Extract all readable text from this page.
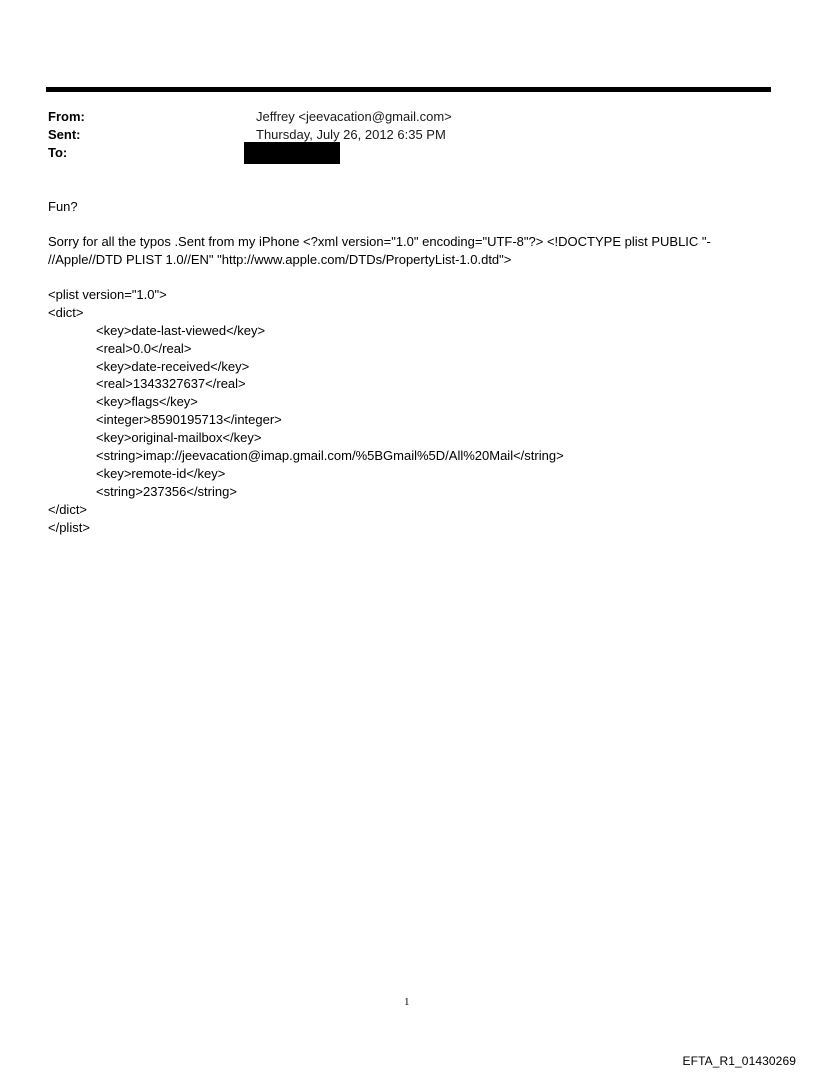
From:	Jeffrey <jeevacation@gmail.com>
Sent:	Thursday, July 26, 2012 6:35 PM
To:
Fun?
Sorry for all the typos .Sent from my iPhone <?xml version="1.0" encoding="UTF-8"?> <!DOCTYPE plist PUBLIC "-
//Apple//DTD PLIST 1.0//EN" "http://www.apple.com/DTDs/PropertyList-1.0.dtd">
<plist version="1.0">
<dict>
<key>date-last-viewed</key>
<real>0.0</real>
<key>date-received</key>
<real>1343327637</real>
<key>flags</key>
<integer>8590195713</integer>
<key>original-mailbox</key>
<string>imap://jeevacation@imap.gmail.com/%5BGmail%5D/All%20Mail</string>
<key>remote-id</key>
<string>237356</string>
</dict>
</plist>
1
EFTA_R1_01430269
